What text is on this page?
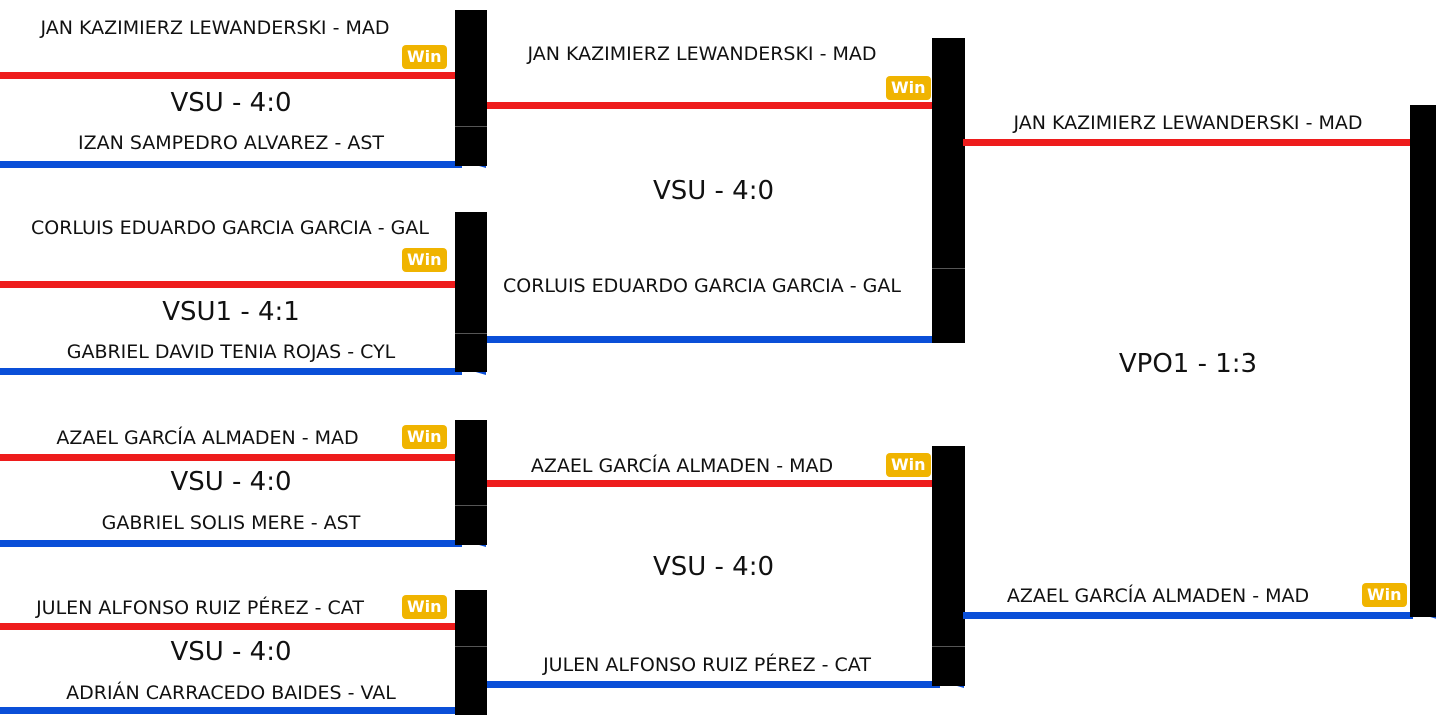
JAN KAZIMIERZ LEWANDERSKI - MAD
Win
VSU - 4:0
IZAN SAMPEDRO ALVAREZ - AST
CORLUIS EDUARDO GARCIA GARCIA - GAL
Win
VSU1 - 4:1
GABRIEL DAVID TENIA ROJAS - CYL
AZAEL GARCÍA ALMADEN - MAD	Win
VSU - 4:0
GABRIEL SOLIS MERE - AST
JULEN ALFONSO RUIZ PÉREZ - CAT	Win
VSU - 4:0
ADRIÁN CARRACEDO BAIDES - VAL
JAN KAZIMIERZ LEWANDERSKI - MAD
Win
VSU - 4:0
CORLUIS EDUARDO GARCIA GARCIA - GAL
AZAEL GARCÍA ALMADEN - MAD	Win
VSU - 4:0
JULEN ALFONSO RUIZ PÉREZ - CAT
JAN KAZIMIERZ LEWANDERSKI - MAD
VPO1 - 1:3
AZAEL GARCÍA ALMADEN - MAD	Win
